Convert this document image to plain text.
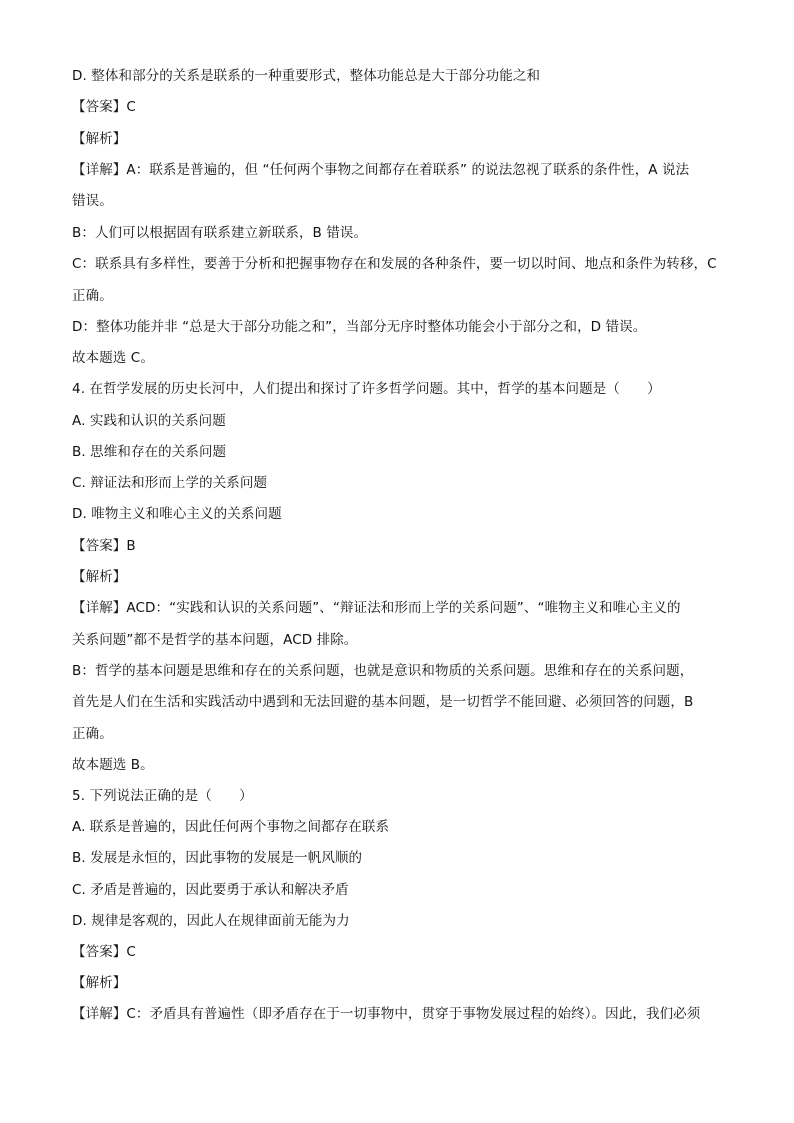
D. 整体和部分的关系是联系的一种重要形式，整体功能总是大于部分功能之和
【答案】C
【解析】
【详解】A：联系是普遍的，但 “任何两个事物之间都存在着联系” 的说法忽视了联系的条件性，A 说法
错误。
B：人们可以根据固有联系建立新联系，B 错误。
C：联系具有多样性，要善于分析和把握事物存在和发展的各种条件，要一切以时间、地点和条件为转移，C
正确。
D：整体功能并非 “总是大于部分功能之和”，当部分无序时整体功能会小于部分之和，D 错误。
故本题选 C。
4. 在哲学发展的历史长河中，人们提出和探讨了许多哲学问题。其中，哲学的基本问题是（　　）
A. 实践和认识的关系问题
B. 思维和存在的关系问题
C. 辩证法和形而上学的关系问题
D. 唯物主义和唯心主义的关系问题
【答案】B
【解析】
【详解】ACD：“实践和认识的关系问题”、“辩证法和形而上学的关系问题”、“唯物主义和唯心主义的
关系问题”都不是哲学的基本问题，ACD 排除。
B：哲学的基本问题是思维和存在的关系问题，也就是意识和物质的关系问题。思维和存在的关系问题，
首先是人们在生活和实践活动中遇到和无法回避的基本问题，是一切哲学不能回避、必须回答的问题，B
正确。
故本题选 B。
5. 下列说法正确的是（　　）
A. 联系是普遍的，因此任何两个事物之间都存在联系
B. 发展是永恒的，因此事物的发展是一帆风顺的
C. 矛盾是普遍的，因此要勇于承认和解决矛盾
D. 规律是客观的，因此人在规律面前无能为力
【答案】C
【解析】
【详解】C：矛盾具有普遍性（即矛盾存在于一切事物中，贯穿于事物发展过程的始终）。因此，我们必须
